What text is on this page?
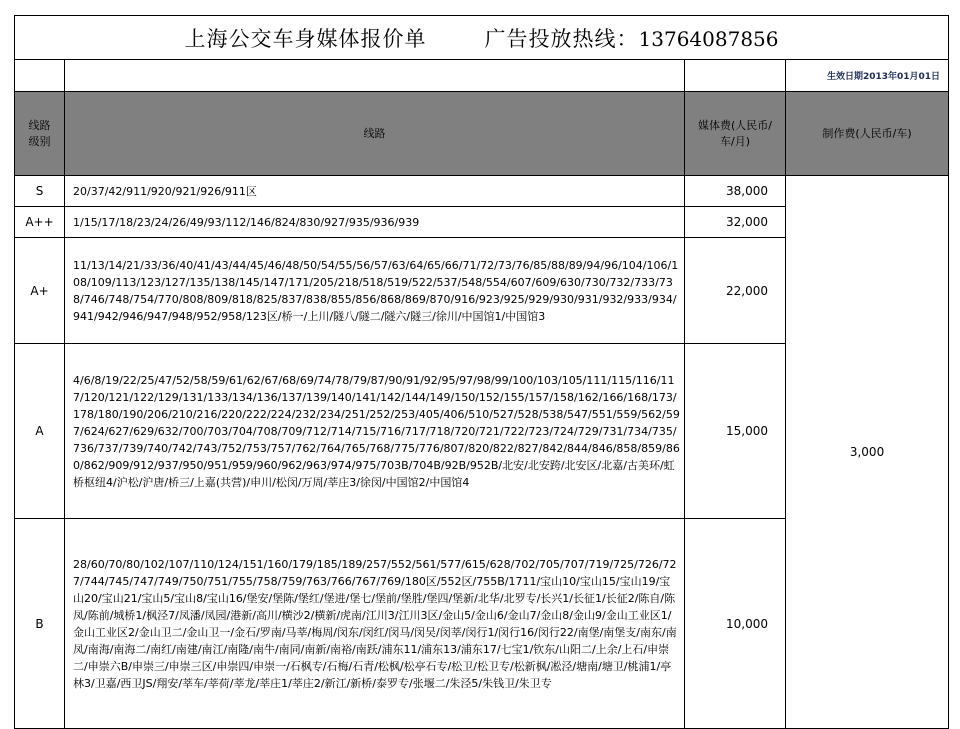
上海公交车身媒体报价单 广告投放热线：13764087856			
			生效日期2013年01月01日

线路级别	线路	媒体费(人民币/车/月)	制作费(人民币/车)
S	20/37/42/911/920/921/926/911区	38,000	3,000
A++	1/15/17/18/23/24/26/49/93/112/146/824/830/927/935/936/939	32,000	
A+	11/13/14/21/33/36/40/41/43/44/45/46/48/50/54/55/56/57/63/64/65/66/71/72/73/76/85/88/89/94/96/104/106/108/109/113/123/127/135/138/145/147/171/205/218/518/519/522/537/548/554/607/609/630/730/732/733/738/746/748/754/770/808/809/818/825/837/838/855/856/868/869/870/916/923/925/929/930/931/932/933/934/941/942/946/947/948/952/958/123区/桥一/上川/隧八/隧二/隧六/隧三/徐川/中国馆1/中国馆3	22,000	
A	4/6/8/19/22/25/47/52/58/59/61/62/67/68/69/74/78/79/87/90/91/92/95/97/98/99/100/103/105/111/115/116/117/120/121/122/129/131/133/134/136/137/139/140/141/142/144/149/150/152/155/157/158/162/166/168/173/178/180/190/206/210/216/220/222/224/232/234/251/252/253/405/406/510/527/528/538/547/551/559/562/597/624/627/629/632/700/703/704/708/709/712/714/715/716/717/718/720/721/722/723/724/729/731/734/735/736/737/739/740/742/743/752/753/757/762/764/765/768/775/776/807/820/822/827/842/844/846/858/859/860/862/909/912/937/950/951/959/960/962/963/974/975/703B/704B/92B/952B/北安/北安跨/北安区/北嘉/古美环/虹桥枢纽4/沪松/沪唐/桥三/上嘉(共营)/申川/松闵/万周/莘庄3/徐闵/中国馆2/中国馆4	15,000	
B	28/60/70/80/102/107/110/124/151/160/179/185/189/257/552/561/577/615/628/702/705/707/719/725/726/727/744/745/747/749/750/751/755/758/759/763/766/767/769/180区/552区/755B/1711/宝山10/宝山15/宝山19/宝山20/宝山21/宝山5/宝山8/宝山16/堡安/堡陈/堡红/堡进/堡七/堡前/堡胜/堡四/堡新/北华/北罗专/长兴1/长征1/长征2/陈自/陈凤/陈前/城桥1/枫泾7/凤潘/凤园/港新/高川/横沙2/横新/虎南/江川3/江川3区/金山5/金山6/金山7/金山8/金山9/金山工业区1/金山工业区2/金山卫二/金山卫一/金石/罗南/马莘/梅周/闵东/闵红/闵马/闵吴/闵莘/闵行1/闵行16/闵行22/南堡/南堡支/南东/南凤/南海/南海二/南红/南建/南江/南隆/南牛/南同/南新/南裕/南跃/浦东11/浦东13/浦东17/七宝1/钦东/山阳二/上余/上石/申崇二/申崇六B/申崇三/申崇三区/申崇四/申崇一/石枫专/石梅/石青/松枫/松亭石专/松卫/松卫专/松新枫/凇泾/塘南/塘卫/桃浦1/亭林3/卫嘉/西卫JS/翔安/莘车/莘荷/莘龙/莘庄1/莘庄2/新江/新桥/泰罗专/张堰二/朱泾5/朱钱卫/朱卫专	10,000	
